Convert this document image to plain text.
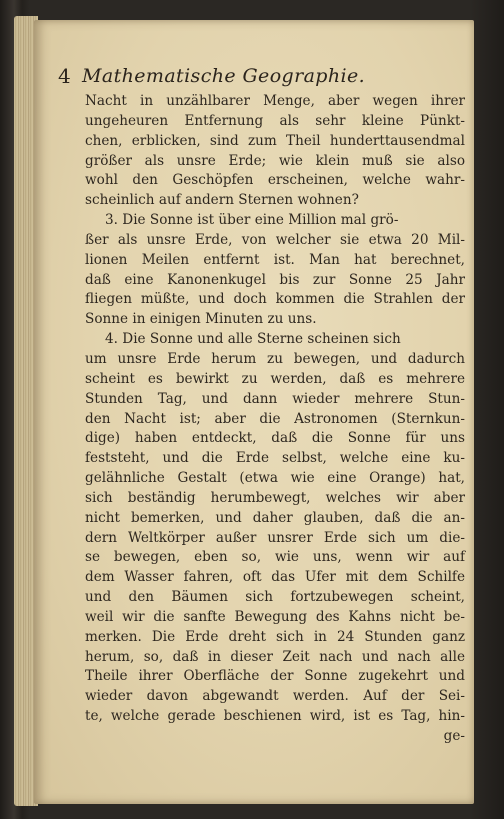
4 Mathematische Geographie.
Nacht in unzählbarer Menge, aber wegen ihrer
ungeheuren Entfernung als sehr kleine Pünkt-
chen, erblicken, sind zum Theil hunderttausendmal
größer als unsre Erde; wie klein muß sie also
wohl den Geschöpfen erscheinen, welche wahr-
scheinlich auf andern Sternen wohnen?
3. Die Sonne ist über eine Million mal grö-
ßer als unsre Erde, von welcher sie etwa 20 Mil-
lionen Meilen entfernt ist. Man hat berechnet,
daß eine Kanonenkugel bis zur Sonne 25 Jahr
fliegen müßte, und doch kommen die Strahlen der
Sonne in einigen Minuten zu uns.
4. Die Sonne und alle Sterne scheinen sich
um unsre Erde herum zu bewegen, und dadurch
scheint es bewirkt zu werden, daß es mehrere
Stunden Tag, und dann wieder mehrere Stun-
den Nacht ist; aber die Astronomen (Sternkun-
dige) haben entdeckt, daß die Sonne für uns
feststeht, und die Erde selbst, welche eine ku-
gelähnliche Gestalt (etwa wie eine Orange) hat,
sich beständig herumbewegt, welches wir aber
nicht bemerken, und daher glauben, daß die an-
dern Weltkörper außer unsrer Erde sich um die-
se bewegen, eben so, wie uns, wenn wir auf
dem Wasser fahren, oft das Ufer mit dem Schilfe
und den Bäumen sich fortzubewegen scheint,
weil wir die sanfte Bewegung des Kahns nicht be-
merken. Die Erde dreht sich in 24 Stunden ganz
herum, so, daß in dieser Zeit nach und nach alle
Theile ihrer Oberfläche der Sonne zugekehrt und
wieder davon abgewandt werden. Auf der Sei-
te, welche gerade beschienen wird, ist es Tag, hin-
ge-
